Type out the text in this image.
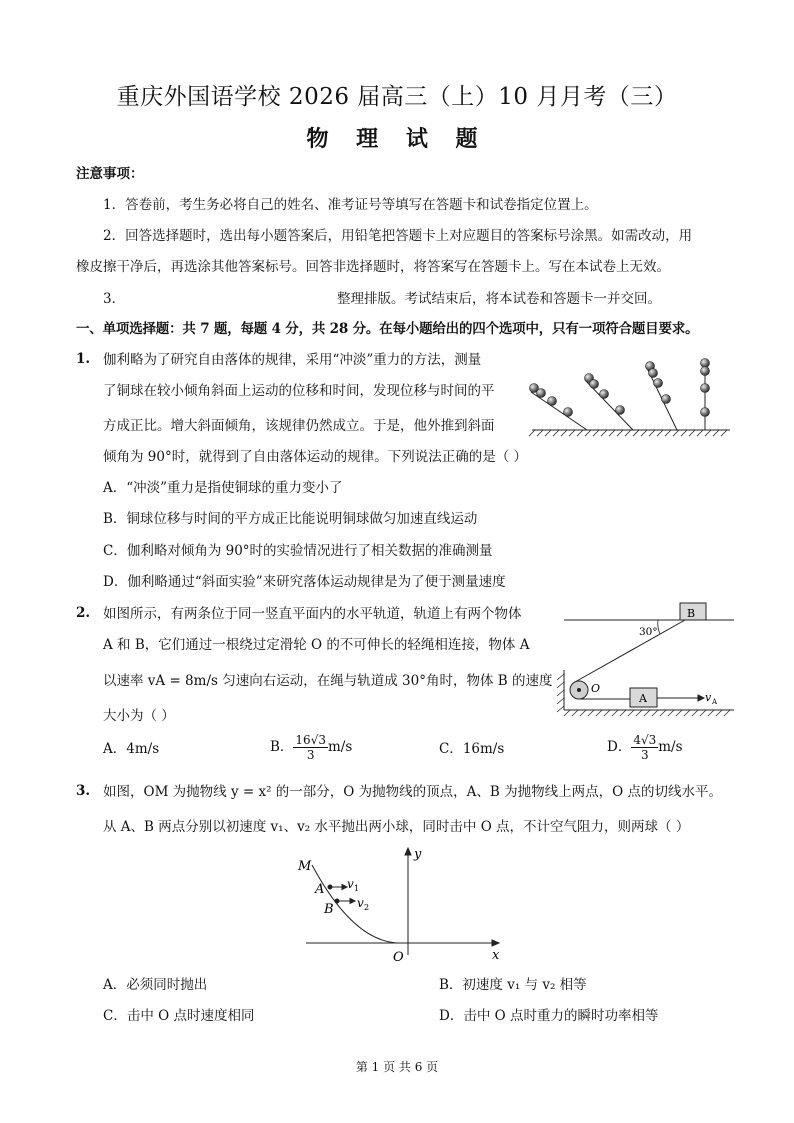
重庆外国语学校 2026 届高三（上）10 月月考（三）
物 理 试 题
注意事项：
1．答卷前，考生务必将自己的姓名、准考证号等填写在答题卡和试卷指定位置上。
2．回答选择题时，选出每小题答案后，用铅笔把答题卡上对应题目的答案标号涂黑。如需改动，用
橡皮擦干净后，再选涂其他答案标号。回答非选择题时，将答案写在答题卡上。写在本试卷上无效。
3．	整理排版。考试结束后，将本试卷和答题卡一并交回。
一、单项选择题：共 7 题，每题 4 分，共 28 分。在每小题给出的四个选项中，只有一项符合题目要求。
1. 伽利略为了研究自由落体的规律，采用“冲淡”重力的方法，测量
了铜球在较小倾角斜面上运动的位移和时间，发现位移与时间的平
方成正比。增大斜面倾角，该规律仍然成立。于是，他外推到斜面
倾角为 90°时，就得到了自由落体运动的规律。下列说法正确的是（ ）
A．“冲淡”重力是指使铜球的重力变小了
B．铜球位移与时间的平方成正比能说明铜球做匀加速直线运动
C．伽利略对倾角为 90°时的实验情况进行了相关数据的准确测量
D．伽利略通过“斜面实验”来研究落体运动规律是为了便于测量速度
2. 如图所示，有两条位于同一竖直平面内的水平轨道，轨道上有两个物体
A 和 B，它们通过一根绕过定滑轮 O 的不可伸长的轻绳相连接，物体 A
以速率 vA = 8m/s 匀速向右运动，在绳与轨道成 30°角时，物体 B 的速度
大小为（ ）
A．4m/s	B． $\frac{16√3}{3} m/s$	C．16m/s	D． $\frac{4√3}{3} m/s$
B
A
30°
O
v A
3. 如图，OM 为抛物线 y = x² 的一部分，O 为抛物线的顶点，A、B 为抛物线上两点，O 点的切线水平。
从 A、B 两点分别以初速度 v₁、v₂ 水平抛出两小球，同时击中 O 点，不计空气阻力，则两球（ ）
M
A
B
v 1
v 2
y
x
O
A．必须同时抛出	B．初速度 v₁ 与 v₂ 相等
C．击中 O 点时速度相同	D．击中 O 点时重力的瞬时功率相等
第 1 页 共 6 页
